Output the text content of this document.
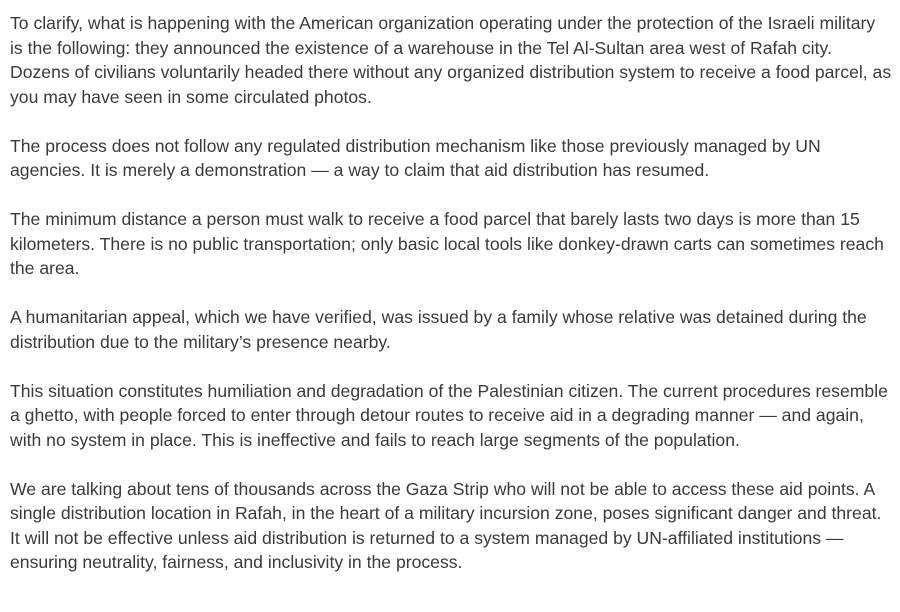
To clarify, what is happening with the American organization operating under the protection of the Israeli military is the following: they announced the existence of a warehouse in the Tel Al-Sultan area west of Rafah city. Dozens of civilians voluntarily headed there without any organized distribution system to receive a food parcel, as you may have seen in some circulated photos.

The process does not follow any regulated distribution mechanism like those previously managed by UN agencies. It is merely a demonstration — a way to claim that aid distribution has resumed.

The minimum distance a person must walk to receive a food parcel that barely lasts two days is more than 15 kilometers. There is no public transportation; only basic local tools like donkey-drawn carts can sometimes reach the area.

A humanitarian appeal, which we have verified, was issued by a family whose relative was detained during the distribution due to the military’s presence nearby.

This situation constitutes humiliation and degradation of the Palestinian citizen. The current procedures resemble a ghetto, with people forced to enter through detour routes to receive aid in a degrading manner — and again, with no system in place. This is ineffective and fails to reach large segments of the population.

We are talking about tens of thousands across the Gaza Strip who will not be able to access these aid points. A single distribution location in Rafah, in the heart of a military incursion zone, poses significant danger and threat. It will not be effective unless aid distribution is returned to a system managed by UN-affiliated institutions — ensuring neutrality, fairness, and inclusivity in the process.
